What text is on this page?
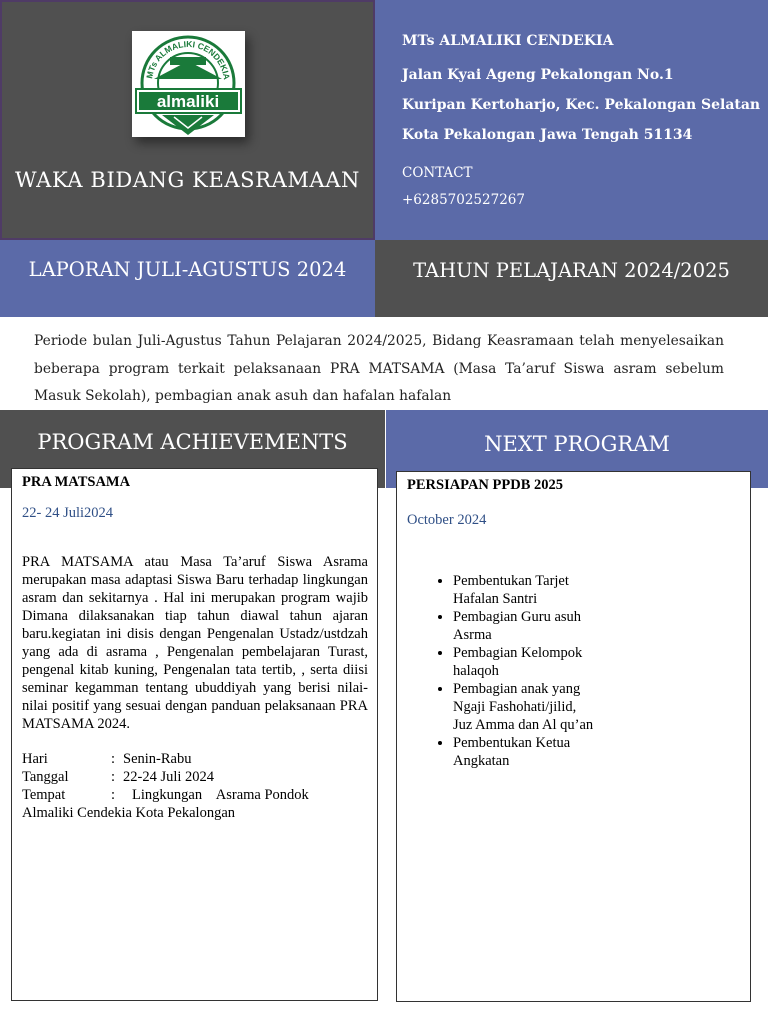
MTs ALMALIKI CENDEKIA
almaliki
WAKA BIDANG KEASRAMAAN
MTs ALMALIKI CENDEKIA
Jalan Kyai Ageng Pekalongan No.1
Kuripan Kertoharjo, Kec. Pekalongan Selatan
Kota Pekalongan Jawa Tengah 51134
CONTACT
+6285702527267
LAPORAN JULI-AGUSTUS 2024	TAHUN PELAJARAN 2024/2025
Periode bulan Juli-Agustus Tahun Pelajaran 2024/2025, Bidang Keasramaan telah menyelesaikan beberapa program terkait pelaksanaan PRA MATSAMA (Masa Ta’aruf Siswa asram sebelum Masuk Sekolah), pembagian anak asuh dan hafalan hafalan
PROGRAM ACHIEVEMENTS	NEXT PROGRAM
PRA MATSAMA
22- 24 Juli2024
PRA MATSAMA atau Masa Ta’aruf Siswa Asrama merupakan masa adaptasi Siswa Baru terhadap lingkungan asram dan sekitarnya . Hal ini merupakan program wajib Dimana dilaksanakan tiap tahun diawal tahun ajaran baru.kegiatan ini disis dengan Pengenalan Ustadz/ustdzah yang ada di asrama , Pengenalan pembelajaran Turast, pengenal kitab kuning, Pengenalan tata tertib, , serta diisi seminar kegamman tentang ubuddiyah yang berisi nilai-nilai positif yang sesuai dengan panduan pelaksanaan PRA MATSAMA 2024.
Hari	: Senin-Rabu
Tanggal	: 22-24 Juli 2024
Tempat	: Lingkungan    Asrama Pondok
Almaliki Cendekia Kota Pekalongan
PERSIAPAN PPDB 2025
October 2024
• Pembentukan Tarjet Hafalan Santri
• Pembagian Guru asuh Asrma
• Pembagian Kelompok halaqoh
• Pembagian anak yang Ngaji Fashohati/jilid, Juz Amma dan Al qu’an
• Pembentukan Ketua Angkatan
